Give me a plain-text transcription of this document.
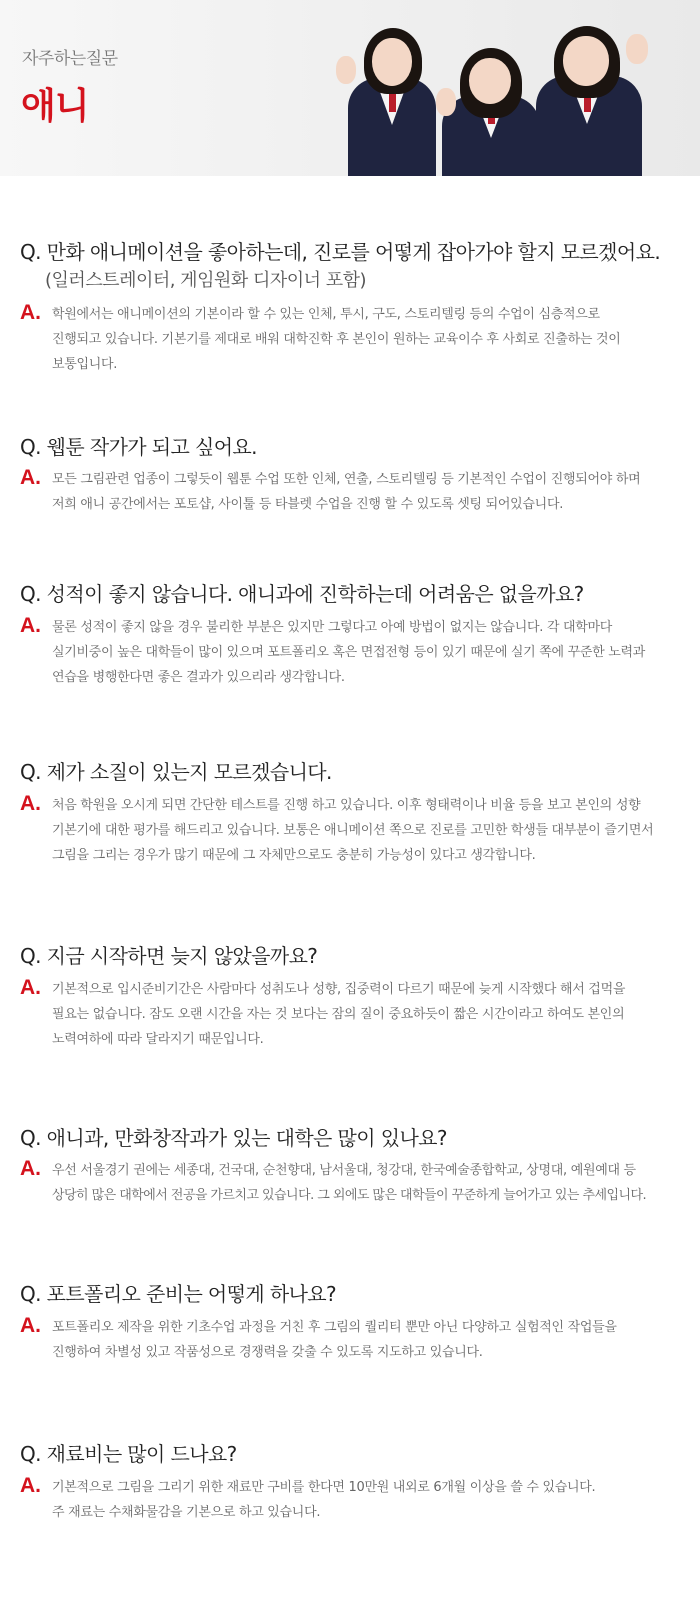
자주하는질문
애니
Q. 만화 애니메이션을 좋아하는데, 진로를 어떻게 잡아가야 할지 모르겠어요.
(일러스트레이터, 게임원화 디자이너 포함)
A. 학원에서는 애니메이션의 기본이라 할 수 있는 인체, 투시, 구도, 스토리텔링 등의 수업이 심층적으로
진행되고 있습니다. 기본기를 제대로 배워 대학진학 후 본인이 원하는 교육이수 후 사회로 진출하는 것이
보통입니다.
Q. 웹툰 작가가 되고 싶어요.
A. 모든 그림관련 업종이 그렇듯이 웹툰 수업 또한 인체, 연출, 스토리텔링 등 기본적인 수업이 진행되어야 하며
저희 애니 공간에서는 포토샵, 사이툴 등 타블렛 수업을 진행 할 수 있도록 셋팅 되어있습니다.
Q. 성적이 좋지 않습니다. 애니과에 진학하는데 어려움은 없을까요?
A. 물론 성적이 좋지 않을 경우 불리한 부분은 있지만 그렇다고 아예 방법이 없지는 않습니다. 각 대학마다
실기비중이 높은 대학들이 많이 있으며 포트폴리오 혹은 면접전형 등이 있기 때문에 실기 쪽에 꾸준한 노력과
연습을 병행한다면 좋은 결과가 있으리라 생각합니다.
Q. 제가 소질이 있는지 모르겠습니다.
A. 처음 학원을 오시게 되면 간단한 테스트를 진행 하고 있습니다. 이후 형태력이나 비율 등을 보고 본인의 성향
기본기에 대한 평가를 해드리고 있습니다. 보통은 애니메이션 쪽으로 진로를 고민한 학생들 대부분이 즐기면서
그림을 그리는 경우가 많기 때문에 그 자체만으로도 충분히 가능성이 있다고 생각합니다.
Q. 지금 시작하면 늦지 않았을까요?
A. 기본적으로 입시준비기간은 사람마다 성취도나 성향, 집중력이 다르기 때문에 늦게 시작했다 해서 겁먹을
필요는 없습니다. 잠도 오랜 시간을 자는 것 보다는 잠의 질이 중요하듯이 짧은 시간이라고 하여도 본인의
노력여하에 따라 달라지기 때문입니다.
Q. 애니과, 만화창작과가 있는 대학은 많이 있나요?
A. 우선 서울경기 권에는 세종대, 건국대, 순천향대, 남서울대, 청강대, 한국예술종합학교, 상명대, 예원예대 등
상당히 많은 대학에서 전공을 가르치고 있습니다. 그 외에도 많은 대학들이 꾸준하게 늘어가고 있는 추세입니다.
Q. 포트폴리오 준비는 어떻게 하나요?
A. 포트폴리오 제작을 위한 기초수업 과정을 거친 후 그림의 퀄리티 뿐만 아닌 다양하고 실험적인 작업들을
진행하여 차별성 있고 작품성으로 경쟁력을 갖출 수 있도록 지도하고 있습니다.
Q. 재료비는 많이 드나요?
A. 기본적으로 그림을 그리기 위한 재료만 구비를 한다면 10만원 내외로 6개월 이상을 쓸 수 있습니다.
주 재료는 수채화물감을 기본으로 하고 있습니다.
